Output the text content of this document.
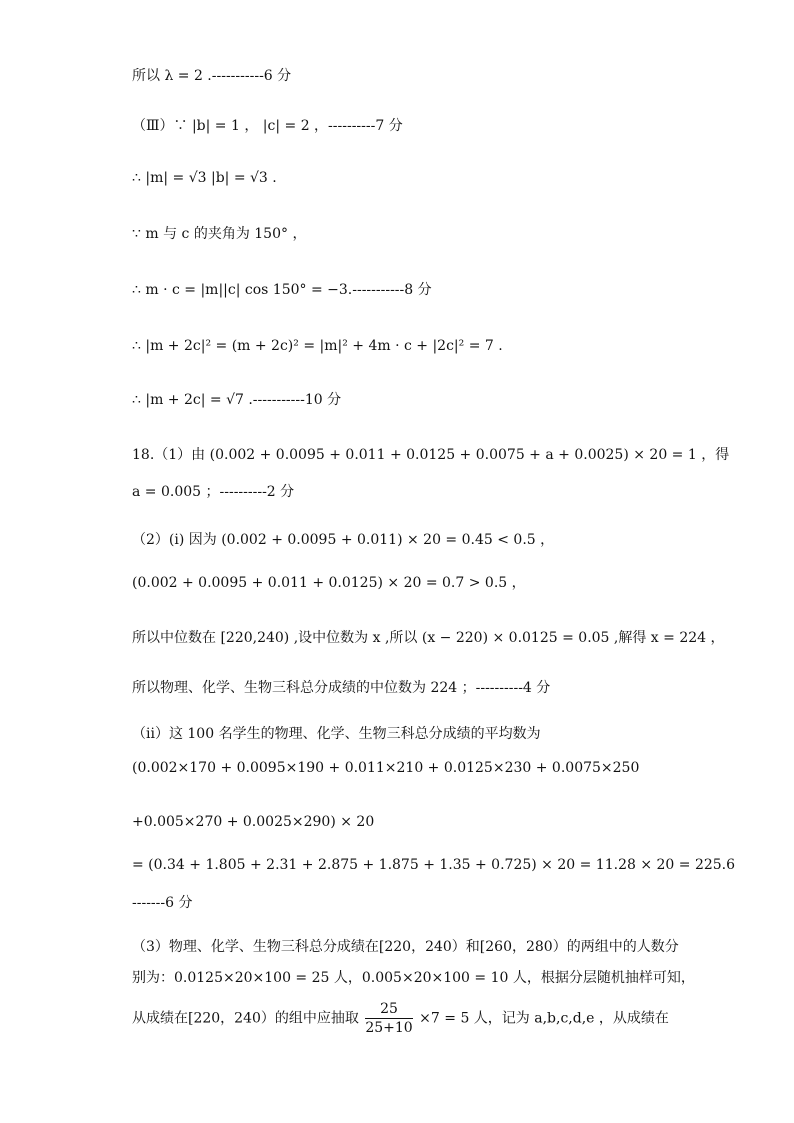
所以 λ = 2 .-----------6 分
（Ⅲ）∵ |b| = 1 ， |c| = 2 ，----------7 分
∴ |m| = √3 |b| = √3 .
∵ m 与 c 的夹角为 150° ，
∴ m · c = |m||c| cos 150° = −3.-----------8 分
∴ |m + 2c|² = (m + 2c)² = |m|² + 4m · c + |2c|² = 7 .
∴ |m + 2c| = √7 .-----------10 分
18.（1）由 (0.002 + 0.0095 + 0.011 + 0.0125 + 0.0075 + a + 0.0025) × 20 = 1 ，得
a = 0.005 ；----------2 分
（2）(i) 因为 (0.002 + 0.0095 + 0.011) × 20 = 0.45 < 0.5 ，
(0.002 + 0.0095 + 0.011 + 0.0125) × 20 = 0.7 > 0.5 ，
所以中位数在 [220,240) ,设中位数为 x ,所以 (x − 220) × 0.0125 = 0.05 ,解得 x = 224 ，
所以物理、化学、生物三科总分成绩的中位数为 224 ；----------4 分
（ii）这 100 名学生的物理、化学、生物三科总分成绩的平均数为
(0.002×170 + 0.0095×190 + 0.011×210 + 0.0125×230 + 0.0075×250
+0.005×270 + 0.0025×290) × 20
= (0.34 + 1.805 + 2.31 + 2.875 + 1.875 + 1.35 + 0.725) × 20 = 11.28 × 20 = 225.6
-------6 分
（3）物理、化学、生物三科总分成绩在[220，240）和[260，280）的两组中的人数分
别为：0.0125×20×100 = 25 人，0.005×20×100 = 10 人，根据分层随机抽样可知，
从成绩在[220，240）的组中应抽取 $\frac{25}{25+10} \times 7 = 5$ 人，记为 a,b,c,d,e ，从成绩在
